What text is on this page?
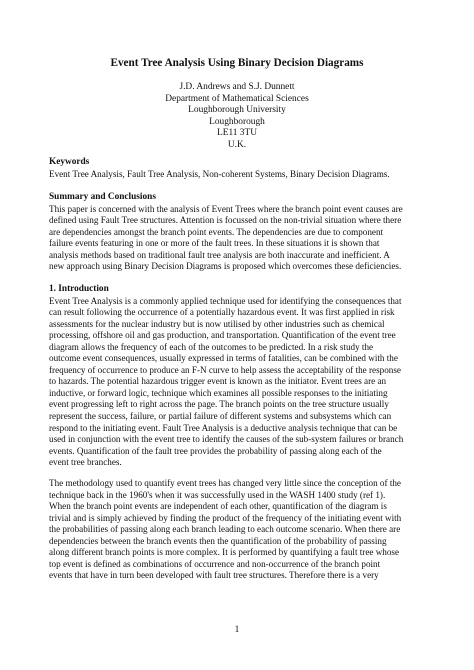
Event Tree Analysis Using Binary Decision Diagrams
J.D. Andrews and S.J. Dunnett
Department of Mathematical Sciences
Loughborough University
Loughborough
LE11 3TU
U.K.
Keywords
Event Tree Analysis, Fault Tree Analysis, Non-coherent Systems, Binary Decision Diagrams.
Summary and Conclusions
This paper is concerned with the analysis of Event Trees where the branch point event causes are
defined using Fault Tree structures. Attention is focussed on the non-trivial situation where there
are dependencies amongst the branch point events. The dependencies are due to component
failure events featuring in one or more of the fault trees. In these situations it is shown that
analysis methods based on traditional fault tree analysis are both inaccurate and inefficient. A
new approach using Binary Decision Diagrams is proposed which overcomes these deficiencies.
1. Introduction
Event Tree Analysis is a commonly applied technique used for identifying the consequences that
can result following the occurrence of a potentially hazardous event. It was first applied in risk
assessments for the nuclear industry but is now utilised by other industries such as chemical
processing, offshore oil and gas production, and transportation. Quantification of the event tree
diagram allows the frequency of each of the outcomes to be predicted. In a risk study the
outcome event consequences, usually expressed in terms of fatalities, can be combined with the
frequency of occurrence to produce an F-N curve to help assess the acceptability of the response
to hazards. The potential hazardous trigger event is known as the initiator. Event trees are an
inductive, or forward logic, technique which examines all possible responses to the initiating
event progressing left to right across the page. The branch points on the tree structure usually
represent the success, failure, or partial failure of different systems and subsystems which can
respond to the initiating event. Fault Tree Analysis is a deductive analysis technique that can be
used in conjunction with the event tree to identify the causes of the sub-system failures or branch
events. Quantification of the fault tree provides the probability of passing along each of the
event tree branches.
The methodology used to quantify event trees has changed very little since the conception of the
technique back in the 1960's when it was successfully used in the WASH 1400 study (ref 1).
When the branch point events are independent of each other, quantification of the diagram is
trivial and is simply achieved by finding the product of the frequency of the initiating event with
the probabilities of passing along each branch leading to each outcome scenario. When there are
dependencies between the branch events then the quantification of the probability of passing
along different branch points is more complex. It is performed by quantifying a fault tree whose
top event is defined as combinations of occurrence and non-occurrence of the branch point
events that have in turn been developed with fault tree structures. Therefore there is a very
1
